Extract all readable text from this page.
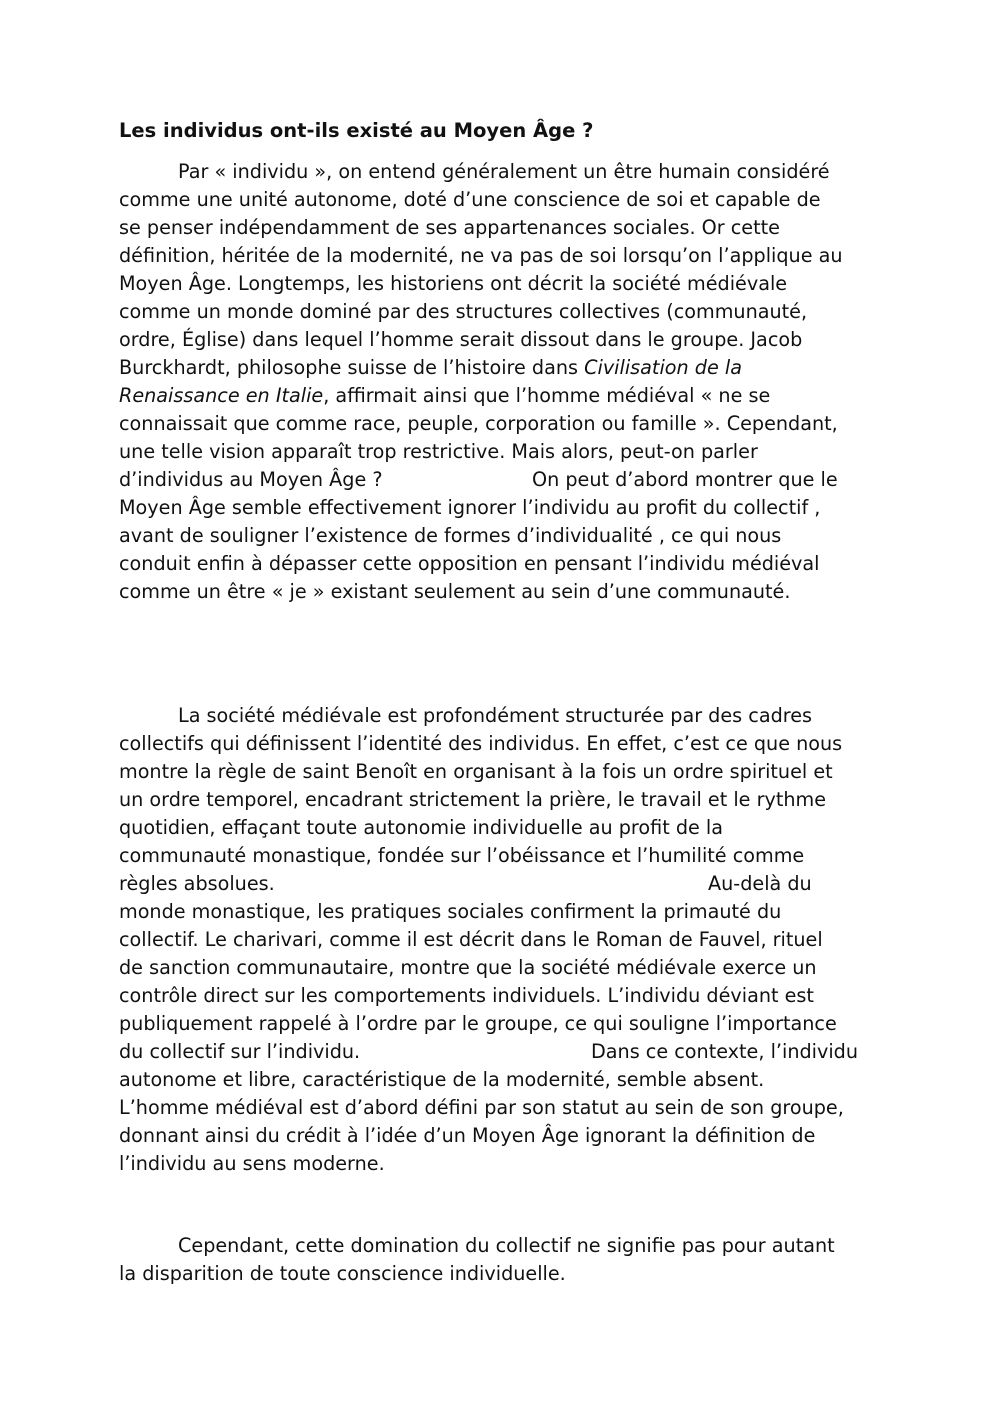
Les individus ont-ils existé au Moyen Âge ?
Par « individu », on entend généralement un être humain considéré
comme une unité autonome, doté d’une conscience de soi et capable de
se penser indépendamment de ses appartenances sociales. Or cette
définition, héritée de la modernité, ne va pas de soi lorsqu’on l’applique au
Moyen Âge. Longtemps, les historiens ont décrit la société médiévale
comme un monde dominé par des structures collectives (communauté,
ordre, Église) dans lequel l’homme serait dissout dans le groupe. Jacob
Burckhardt, philosophe suisse de l’histoire dans Civilisation de la
Renaissance en Italie, affirmait ainsi que l’homme médiéval « ne se
connaissait que comme race, peuple, corporation ou famille ». Cependant,
une telle vision apparaît trop restrictive. Mais alors, peut-on parler
d’individus au Moyen Âge ?	On peut d’abord montrer que le
Moyen Âge semble effectivement ignorer l’individu au profit du collectif ,
avant de souligner l’existence de formes d’individualité , ce qui nous
conduit enfin à dépasser cette opposition en pensant l’individu médiéval
comme un être « je » existant seulement au sein d’une communauté.
La société médiévale est profondément structurée par des cadres
collectifs qui définissent l’identité des individus. En effet, c’est ce que nous
montre la règle de saint Benoît en organisant à la fois un ordre spirituel et
un ordre temporel, encadrant strictement la prière, le travail et le rythme
quotidien, effaçant toute autonomie individuelle au profit de la
communauté monastique, fondée sur l’obéissance et l’humilité comme
règles absolues.	Au-delà du
monde monastique, les pratiques sociales confirment la primauté du
collectif. Le charivari, comme il est décrit dans le Roman de Fauvel, rituel
de sanction communautaire, montre que la société médiévale exerce un
contrôle direct sur les comportements individuels. L’individu déviant est
publiquement rappelé à l’ordre par le groupe, ce qui souligne l’importance
du collectif sur l’individu.	Dans ce contexte, l’individu
autonome et libre, caractéristique de la modernité, semble absent.
L’homme médiéval est d’abord défini par son statut au sein de son groupe,
donnant ainsi du crédit à l’idée d’un Moyen Âge ignorant la définition de
l’individu au sens moderne.
Cependant, cette domination du collectif ne signifie pas pour autant
la disparition de toute conscience individuelle.
